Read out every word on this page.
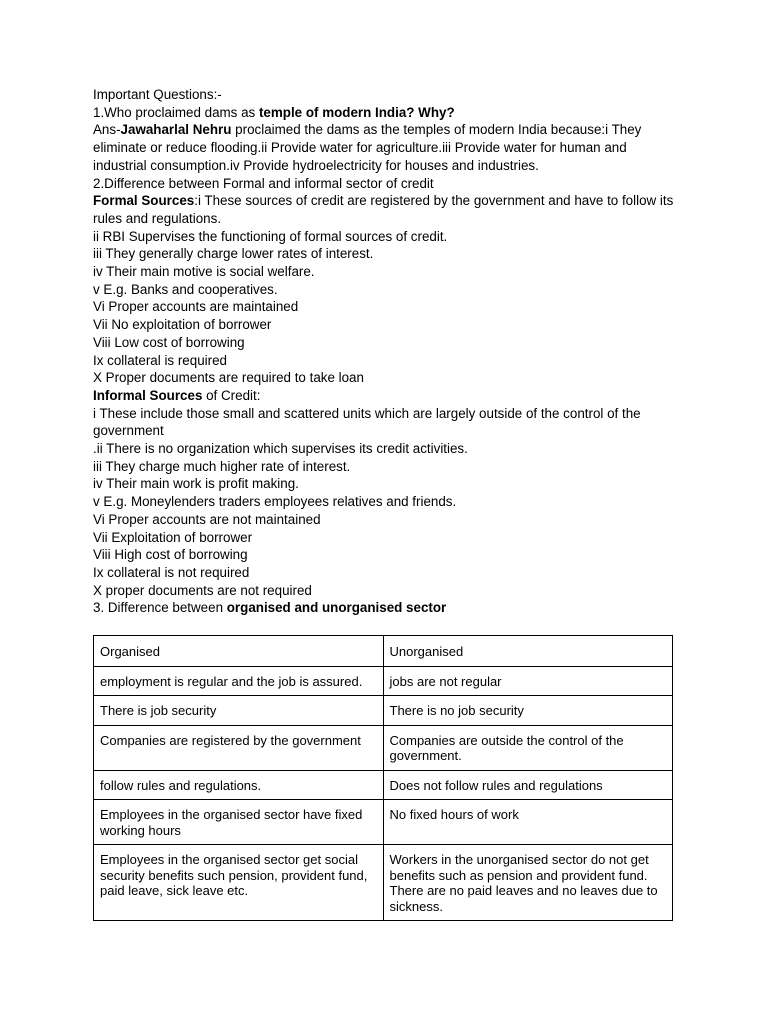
Important Questions:-

1.Who proclaimed dams as temple of modern India? Why?

Ans-Jawaharlal Nehru proclaimed the dams as the temples of modern India because:i They eliminate or reduce flooding.ii Provide water for agriculture.iii Provide water for human and industrial consumption.iv Provide hydroelectricity for houses and industries.

2.Difference between Formal and informal sector of credit

Formal Sources:i These sources of credit are registered by the government and have to follow its rules and regulations.

ii RBI Supervises the functioning of formal sources of credit.

iii They generally charge lower rates of interest.

iv Their main motive is social welfare.

v E.g. Banks and cooperatives.

Vi Proper accounts are maintained

Vii No exploitation of borrower

Viii Low cost of borrowing

Ix collateral is required

X Proper documents are required to take loan

Informal Sources of Credit:

i These include those small and scattered units which are largely outside of the control of the government

.ii There is no organization which supervises its credit activities.

iii They charge much higher rate of interest.

iv Their main work is profit making.

v E.g. Moneylenders traders employees relatives and friends.

Vi Proper accounts are not maintained

Vii Exploitation of borrower

Viii High cost of borrowing

Ix collateral is not required

X proper documents are not required

3. Difference between organised and unorganised sector

Organised	Unorganised
employment is regular and the job is assured.	jobs are not regular
There is job security	There is no job security
Companies are registered by the government	Companies are outside the control of the government.
follow rules and regulations.	Does not follow rules and regulations
Employees in the organised sector have fixed working hours	No fixed hours of work
Employees in the organised sector get social security benefits such pension, provident fund, paid leave, sick leave etc.	Workers in the unorganised sector do not get benefits such as pension and provident fund. There are no paid leaves and no leaves due to sickness.
